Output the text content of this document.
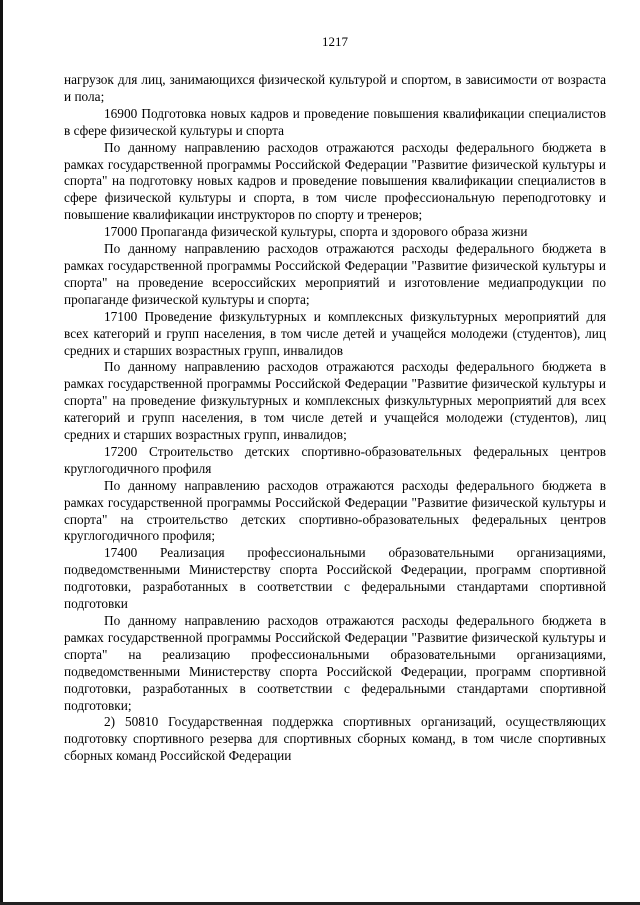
1217

нагрузок для лиц, занимающихся физической культурой и спортом, в зависимости от возраста и пола;

16900 Подготовка новых кадров и проведение повышения квалификации специалистов в сфере физической культуры и спорта

По данному направлению расходов отражаются расходы федерального бюджета в рамках государственной программы Российской Федерации "Развитие физической культуры и спорта" на подготовку новых кадров и проведение повышения квалификации специалистов в сфере физической культуры и спорта, в том числе профессиональную переподготовку и повышение квалификации инструкторов по спорту и тренеров;

17000 Пропаганда физической культуры, спорта и здорового образа жизни

По данному направлению расходов отражаются расходы федерального бюджета в рамках государственной программы Российской Федерации "Развитие физической культуры и спорта" на проведение всероссийских мероприятий и изготовление медиапродукции по пропаганде физической культуры и спорта;

17100 Проведение физкультурных и комплексных физкультурных мероприятий для всех категорий и групп населения, в том числе детей и учащейся молодежи (студентов), лиц средних и старших возрастных групп, инвалидов

По данному направлению расходов отражаются расходы федерального бюджета в рамках государственной программы Российской Федерации "Развитие физической культуры и спорта" на проведение физкультурных и комплексных физкультурных мероприятий для всех категорий и групп населения, в том числе детей и учащейся молодежи (студентов), лиц средних и старших возрастных групп, инвалидов;

17200 Строительство детских спортивно-образовательных федеральных центров круглогодичного профиля

По данному направлению расходов отражаются расходы федерального бюджета в рамках государственной программы Российской Федерации "Развитие физической культуры и спорта" на строительство детских спортивно-образовательных федеральных центров круглогодичного профиля;

17400 Реализация профессиональными образовательными организациями, подведомственными Министерству спорта Российской Федерации, программ спортивной подготовки, разработанных в соответствии с федеральными стандартами спортивной подготовки

По данному направлению расходов отражаются расходы федерального бюджета в рамках государственной программы Российской Федерации "Развитие физической культуры и спорта" на реализацию профессиональными образовательными организациями, подведомственными Министерству спорта Российской Федерации, программ спортивной подготовки, разработанных в соответствии с федеральными стандартами спортивной подготовки;

2) 50810 Государственная поддержка спортивных организаций, осуществляющих подготовку спортивного резерва для спортивных сборных команд, в том числе спортивных сборных команд Российской Федерации
